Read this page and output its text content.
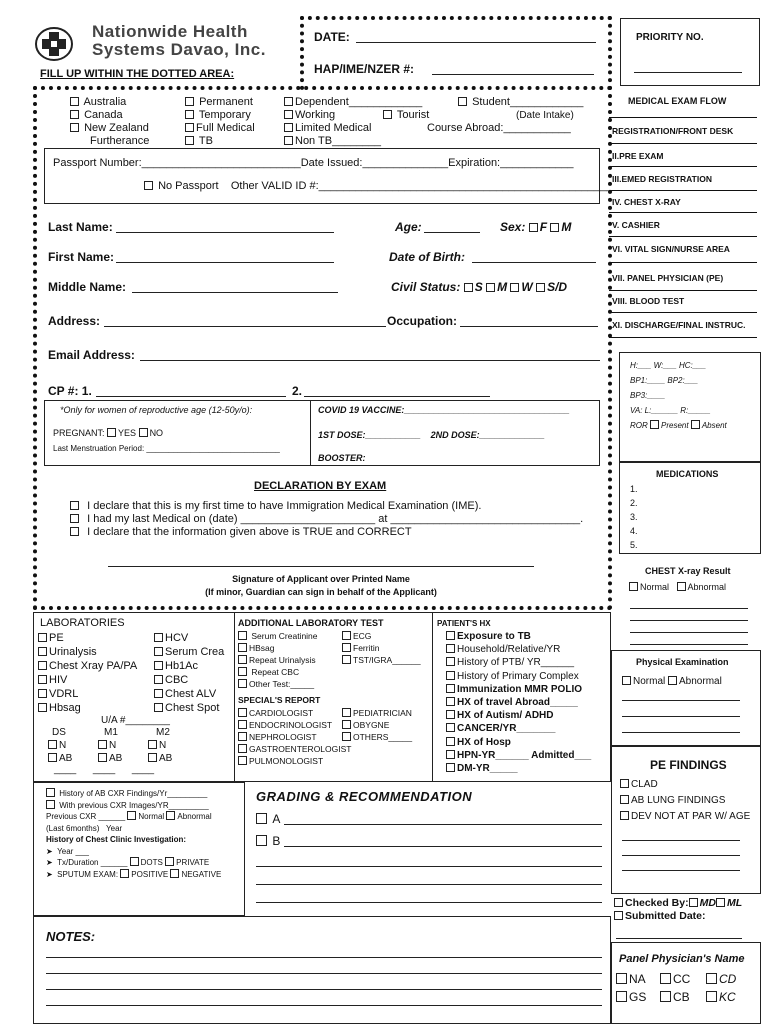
Nationwide Health
Systems Davao, Inc.
FILL UP WITHIN THE DOTTED AREA:
DATE:
HAP/IME/NZER #:
PRIORITY NO.
MEDICAL EXAM FLOW
REGISTRATION/FRONT DESK
II.PRE EXAM
III.EMED REGISTRATION
IV. CHEST X-RAY
V. CASHIER
VI. VITAL SIGN/NURSE AREA
VII. PANEL PHYSICIAN (PE)
VIII. BLOOD TEST
XI. DISCHARGE/FINAL INSTRUC.
Australia
Canada
New Zealand
Furtherance
Permanent
Temporary
Full Medical
TB
Dependent____________
Working
Limited Medical
Non TB________
Tourist
Student____________
(Date Intake)
Course Abroad:___________
Passport Number:__________________________Date Issued:______________Expiration:____________
No Passport Other VALID ID #:________________________________________________
Last Name:	Age:	Sex: F M
First Name:	Date of Birth:
Middle Name:	Civil Status: S M W S/D
Address:	Occupation:
Email Address:
CP #: 1.	2.
*Only for women of reproductive age (12-50y/o):
PREGNANT: YES NO
Last Menstruation Period: ______________________________
COVID 19 VACCINE:_________________________________
1ST DOSE:___________    2ND DOSE:_____________
BOOSTER:
DECLARATION BY EXAM
I declare that this is my first time to have Immigration Medical Examination (IME).
I had my last Medical on (date) ______________________ at _______________________________.
I declare that the information given above is TRUE and CORRECT
Signature of Applicant over Printed Name
(If minor, Guardian can sign in behalf of the Applicant)
H:___ W:___ HC:___
BP1:____ BP2:___
BP3:____
VA: L:______ R:_____
ROR Present Absent
MEDICATIONS
1.
2.
3.
4.
5.
CHEST X-ray Result
Normal Abnormal
LABORATORIES
PE
Urinalysis
Chest Xray PA/PA
HIV
VDRL
Hbsag
HCV
Serum Crea
Hb1Ac
CBC
Chest ALV
Chest Spot
U/A #________
DS	M1	M2
N	N	N
AB	AB	AB
____      ____      ____
ADDITIONAL LABORATORY TEST
Serum Creatinine
HBsag
Repeat Urinalysis
Repeat CBC
Other Test:_____
ECG
Ferritin
TST/IGRA______
SPECIAL'S REPORT
CARDIOLOGIST
ENDOCRINOLOGIST
NEPHROLOGIST
GASTROENTEROLOGIST
PULMONOLOGIST
PEDIATRICIAN
OBYGNE
OTHERS_____
PATIENT'S HX
Exposure to TB
Household/Relative/YR
History of PTB/ YR______
History of Primary Complex
Immunization MMR POLIO
HX of travel Abroad_____
HX of Autism/ ADHD
CANCER/YR_______
HX of Hosp
HPN-YR______ Admitted___
DM-YR_____
Physical Examination
Normal Abnormal
PE FINDINGS
CLAD
AB LUNG FINDINGS
DEV NOT AT PAR W/ AGE
History of AB CXR Findings/Yr_________
With previous CXR Images/YR_________
Previous CXR ______ Normal Abnormal
(Last 6months) Year
History of Chest Clinic Investigation:
➤  Year ___
➤  Tx/Duration ______ DOTS PRIVATE
➤  SPUTUM EXAM: POSITIVE NEGATIVE
GRADING & RECOMMENDATION
A
B
Checked By: MD ML
Submitted Date:
NOTES:
Panel Physician's Name
NA	CC	CD
GS	CB	KC
